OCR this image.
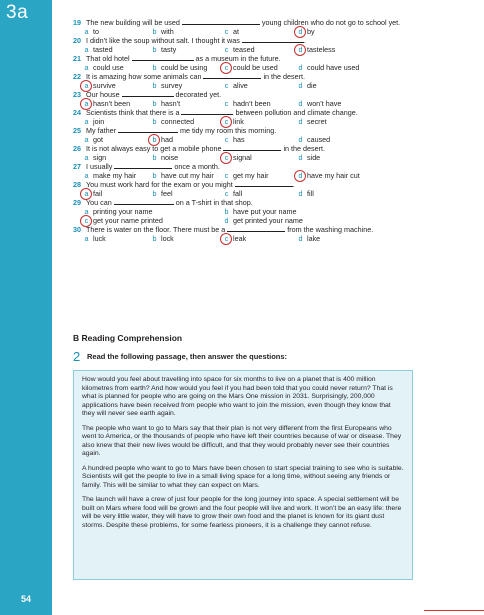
3a
54
19 The new building will be used	young children who do not go to school yet.
a to	b with	c at	d by
20 I didn’t like the soup without salt. I thought it was	.
a tasted	b tasty	c teased	d tasteless
21 That old hotel	as a museum in the future.
a could use	b could be using	c could be used	d could have used
22 It is amazing how some animals can	in the desert.
a survive	b survey	c alive	d die
23 Our house	decorated yet.
a hasn’t been	b hasn’t	c hadn’t been	d won’t have
24 Scientists think that there is a	between pollution and climate change.
a join	b connected	c link	d secret
25 My father	me tidy my room this morning.
a got	b had	c has	d caused
26 It is not always easy to get a mobile phone	in the desert.
a sign	b noise	c signal	d side
27 I usually	once a month.
a make my hair	b have cut my hair	c get my hair	d have my hair cut
28 You must work hard for the exam or you might	.
a fail	b feel	c fall	d fill
29 You can	on a T-shirt in that shop.
a printing your name	b have put your name
c get your name printed	d get printed your name
30 There is water on the floor. There must be a	from the washing machine.
a luck	b lock	c leak	d lake
B Reading Comprehension
2 Read the following passage, then answer the questions:

How would you feel about travelling into space for six months to live on a planet that is 400 million kilometres from earth? And how would you feel if you had been told that you could never return? That is what is planned for people who are going on the Mars One mission in 2031. Surprisingly, 200,000 applications have been received from people who want to join the mission, even though they know that they will never see earth again.

The people who want to go to Mars say that their plan is not very different from the first Europeans who went to America, or the thousands of people who have left their countries because of war or disease. They also knew that their new lives would be difficult, and that they would probably never see their countries again.

A hundred people who want to go to Mars have been chosen to start special training to see who is suitable. Scientists will get the people to live in a small living space for a long time, without seeing any friends or family. This will be similar to what they can expect on Mars.

The launch will have a crew of just four people for the long journey into space. A special settlement will be built on Mars where food will be grown and the four people will live and work. It won’t be an easy life: there will be very little water, they will have to grow their own food and the planet is known for its giant dust storms. Despite these problems, for some fearless pioneers, it is a challenge they cannot refuse.
